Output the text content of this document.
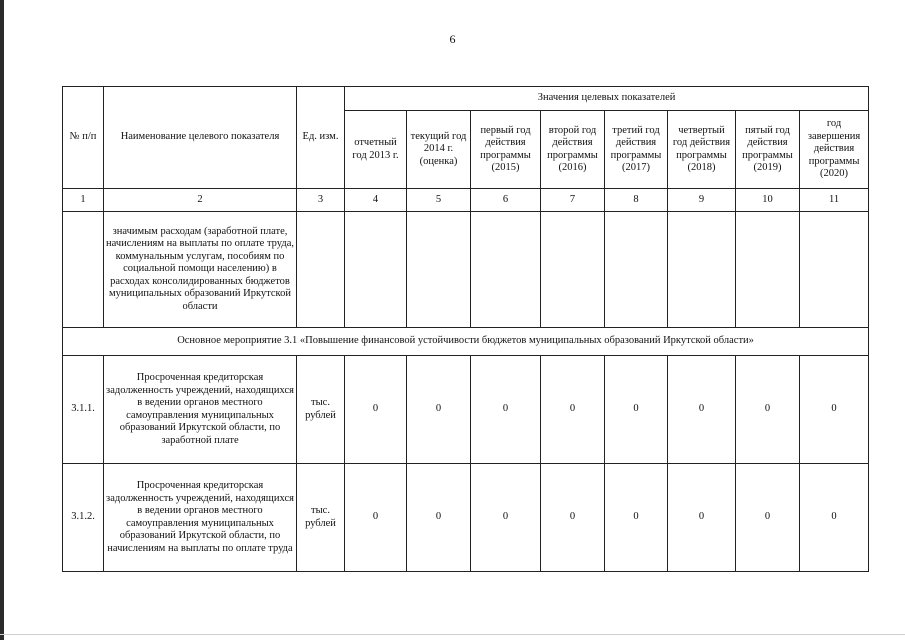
6
№ п/п	Наименование целевого показателя	Ед. изм.	Значения целевых показателей							
			отчетный год 2013 г.	текущий год 2014 г. (оценка)	первый год действия программы (2015)	второй год действия программы (2016)	третий год действия программы (2017)	четвертый год действия программы (2018)	пятый год действия программы (2019)	год завершения действия программы (2020)
1	2	3	4	5	6	7	8	9	10	11
	значимым расходам (заработной плате, начислениям на выплаты по оплате труда, коммунальным услугам, пособиям по социальной помощи населению) в расходах консолидированных бюджетов муниципальных образований Иркутской области									
Основное мероприятие 3.1 «Повышение финансовой устойчивости бюджетов муниципальных образований Иркутской области»										
3.1.1.	Просроченная кредиторская задолженность учреждений, находящихся в ведении органов местного самоуправления муниципальных образований Иркутской области, по заработной плате	тыс. рублей	0	0	0	0	0	0	0	0
3.1.2.	Просроченная кредиторская задолженность учреждений, находящихся в ведении органов местного самоуправления муниципальных образований Иркутской области, по начислениям на выплаты по оплате труда	тыс. рублей	0	0	0	0	0	0	0	0
